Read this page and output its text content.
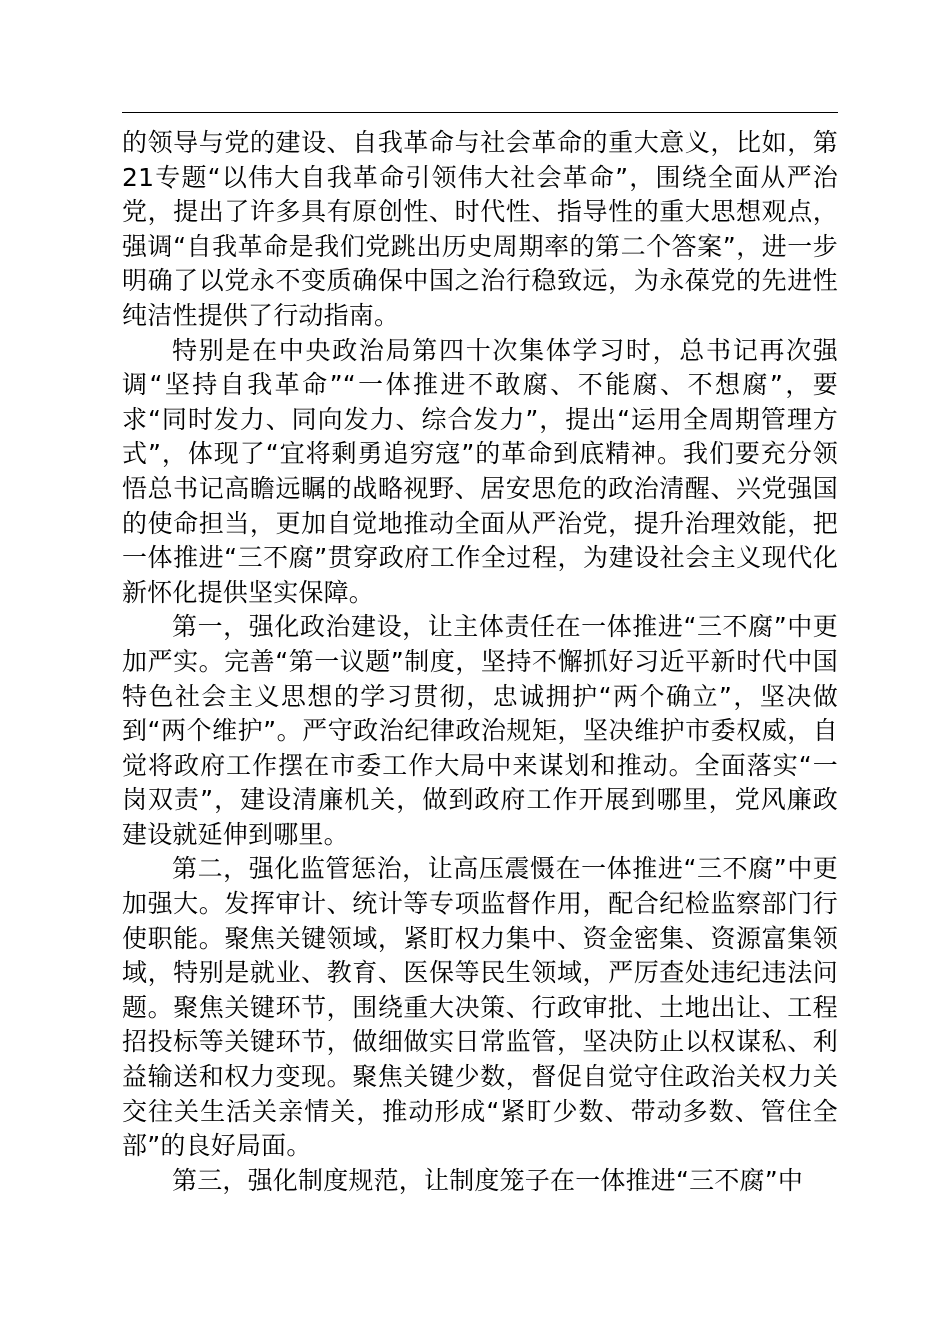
的领导与党的建设、自我革命与社会革命的重大意义，比如，第21专题“以伟大自我革命引领伟大社会革命”，围绕全面从严治党，提出了许多具有原创性、时代性、指导性的重大思想观点，强调“自我革命是我们党跳出历史周期率的第二个答案”，进一步明确了以党永不变质确保中国之治行稳致远，为永葆党的先进性纯洁性提供了行动指南。

特别是在中央政治局第四十次集体学习时，总书记再次强调“坚持自我革命”“一体推进不敢腐、不能腐、不想腐”，要求“同时发力、同向发力、综合发力”，提出“运用全周期管理方式”，体现了“宜将剩勇追穷寇”的革命到底精神。我们要充分领悟总书记高瞻远瞩的战略视野、居安思危的政治清醒、兴党强国的使命担当，更加自觉地推动全面从严治党，提升治理效能，把一体推进“三不腐”贯穿政府工作全过程，为建设社会主义现代化新怀化提供坚实保障。

第一，强化政治建设，让主体责任在一体推进“三不腐”中更加严实。完善“第一议题”制度，坚持不懈抓好习近平新时代中国特色社会主义思想的学习贯彻，忠诚拥护“两个确立”，坚决做到“两个维护”。严守政治纪律政治规矩，坚决维护市委权威，自觉将政府工作摆在市委工作大局中来谋划和推动。全面落实“一岗双责”，建设清廉机关，做到政府工作开展到哪里，党风廉政建设就延伸到哪里。

第二，强化监管惩治，让高压震慑在一体推进“三不腐”中更加强大。发挥审计、统计等专项监督作用，配合纪检监察部门行使职能。聚焦关键领域，紧盯权力集中、资金密集、资源富集领域，特别是就业、教育、医保等民生领域，严厉查处违纪违法问题。聚焦关键环节，围绕重大决策、行政审批、土地出让、工程招投标等关键环节，做细做实日常监管，坚决防止以权谋私、利益输送和权力变现。聚焦关键少数，督促自觉守住政治关权力关交往关生活关亲情关，推动形成“紧盯少数、带动多数、管住全部”的良好局面。

第三，强化制度规范，让制度笼子在一体推进“三不腐”中
